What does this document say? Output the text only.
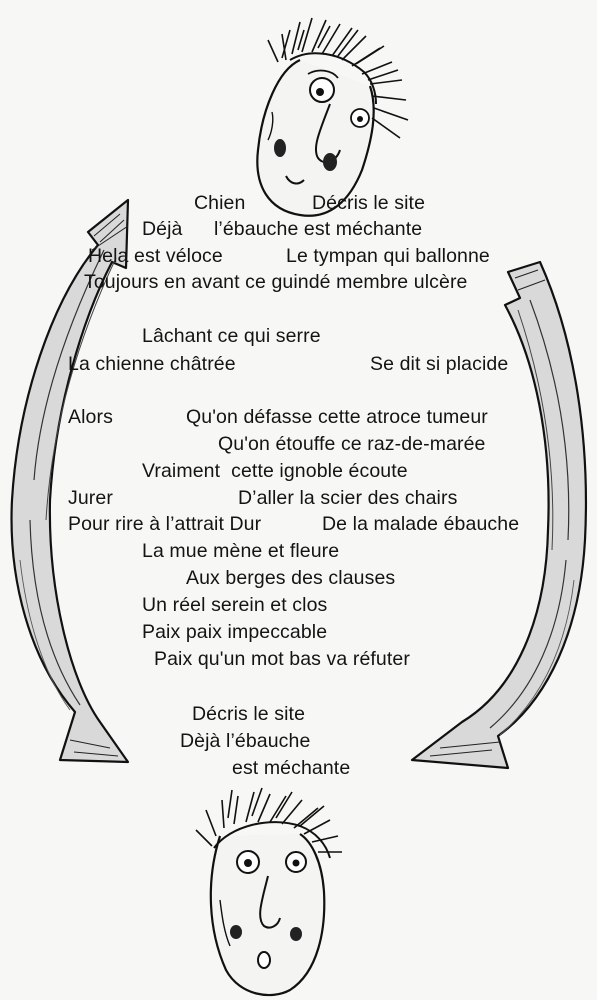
Chien	Décris le site
Déjà l’ébauche est méchante
Hela est véloce	Le tympan qui ballonne
Toujours en avant ce guindé membre ulcère
Lâchant ce qui serre
La chienne châtrée	Se dit si placide
Alors	Qu'on défasse cette atroce tumeur
Qu'on étouffe ce raz-de-marée
Vraiment  cette ignoble écoute
Jurer	D’aller la scier des chairs
Pour rire à l’attrait Dur	De la malade ébauche
La mue mène et fleure
Aux berges des clauses
Un réel serein et clos
Paix paix impeccable
Paix qu'un mot bas va réfuter
Décris le site
Dèjà l’ébauche
est méchante
